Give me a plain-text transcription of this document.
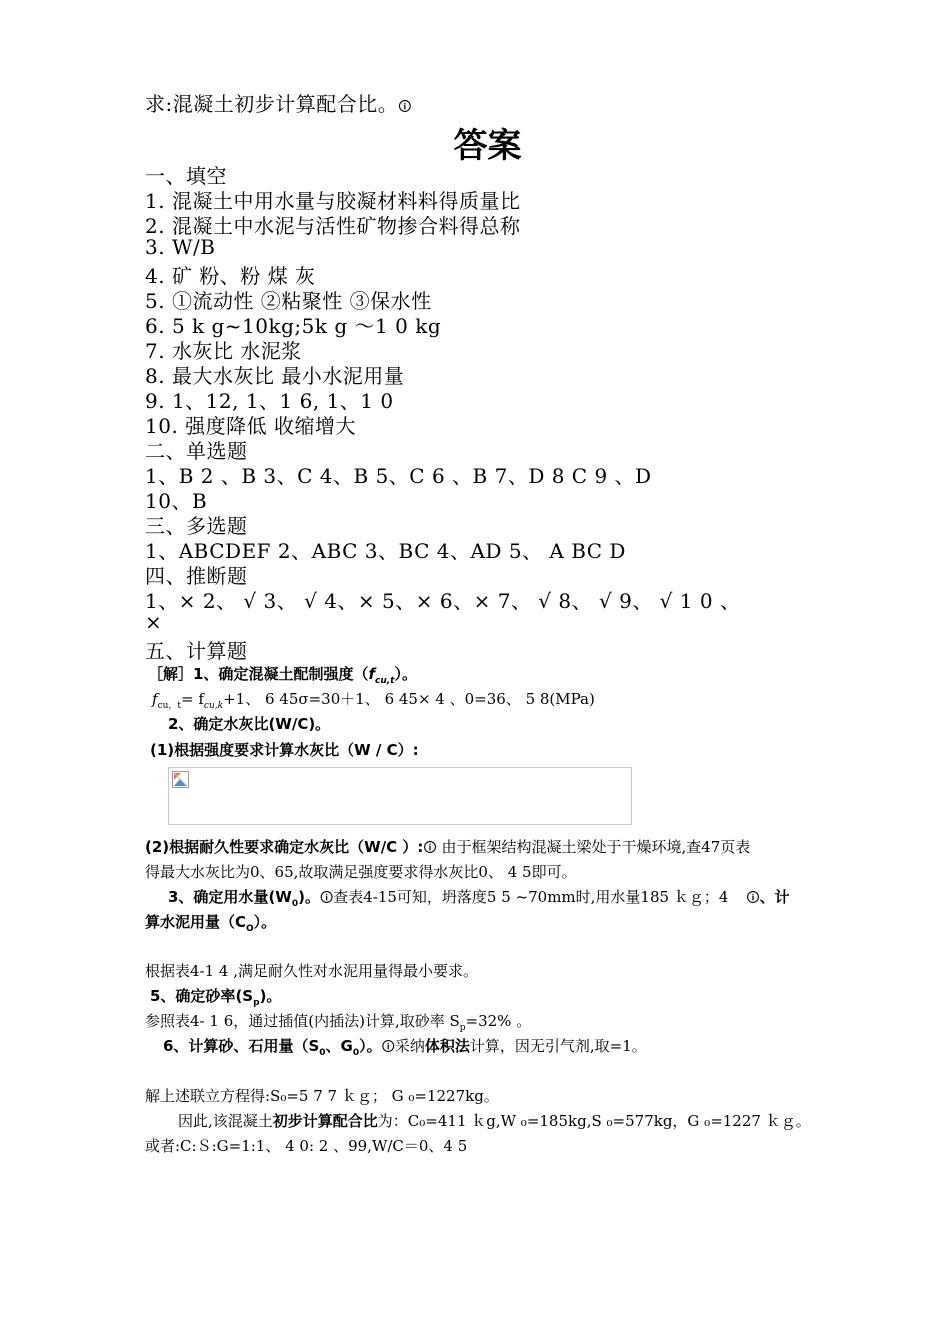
求:混凝土初步计算配合比。🛈
答案
一、填空
1. 混凝土中用水量与胶凝材料料得质量比
2. 混凝土中水泥与活性矿物掺合料得总称
3. W/B
4. 矿 粉、粉 煤 灰
5. ①流动性 ②粘聚性 ③保水性
6. 5 k g~10kg;5k g ～1 0 kg
7. 水灰比 水泥浆
8. 最大水灰比 最小水泥用量
9. 1、12, 1、1 6, 1、1 0
10. 强度降低 收缩增大
二、单选题
1、B 2 、B 3、C 4、B 5、C 6 、B 7、D 8 C 9 、D
10、B
三、多选题
1、ABCDEF 2、ABC 3、BC 4、AD 5、 A BC D
四、推断题
1、× 2、 √ 3、 √ 4、× 5、× 6、× 7、 √ 8、 √ 9、 √ 1 0 、
×
五、计算题
［解］1、确定混凝土配制强度$(f_{cu,t})$。
$f_{cu,t}= f_{cu,k}+1$、 6 45σ=30＋1、 6 45× 4 、0=36、 5 8(MPa)
2、确定水灰比(W/C)。
(1)根据强度要求计算水灰比（W / C）:
(2)根据耐久性要求确定水灰比（W/C ）:🛈 由于框架结构混凝土梁处于干燥环境,查47页表
得最大水灰比为0、65,故取满足强度要求得水灰比0、 4 5即可。
3、确定用水量$(W_0)$。🛈查表4-15可知，坍落度5 5 ~70mm时,用水量185 ｋｇ；4 🛈、计
算水泥用量$(C_O)$。
根据表4-1 4 ,满足耐久性对水泥用量得最小要求。
5、确定砂率$(S_p)$。
参照表4- 1 6，通过插值(内插法)计算,取砂率 $S_p=32\%$ 。
6、计算砂、石用量（$S_0$、$G_0$）。🛈采纳体积法计算，因无引气剂,取=1。
解上述联立方程得:S₀=5 7 7 ｋｇ； G ₀=1227kg。
因此,该混凝土初步计算配合比为：C₀=411 ｋg,W ₀=185kg,S ₀=577kg，G ₀=1227 ｋｇ。
或者:C:Ｓ:G=1:1、 4 0: 2 、99,W/C＝0、4 5
